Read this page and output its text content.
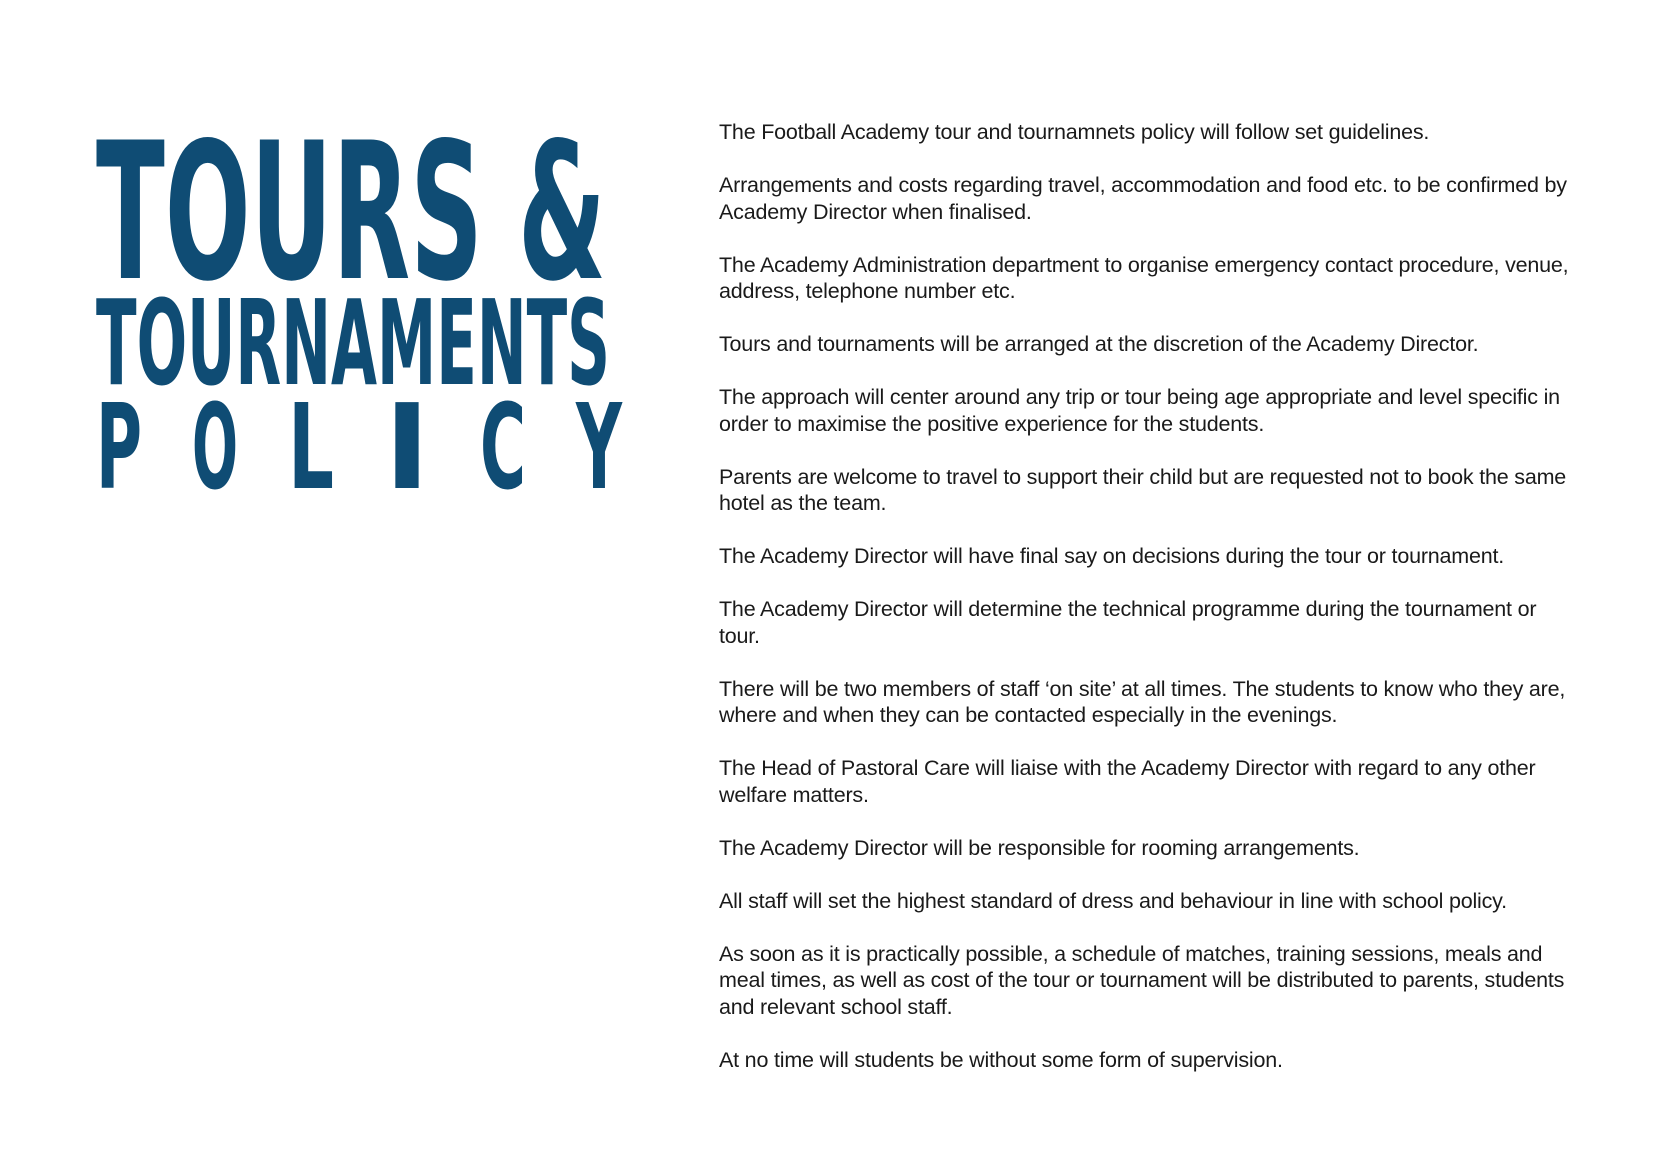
TOURS &
TOURNAMENTS
P O L I C Y

The Football Academy tour and tournamnets policy will follow set guidelines.

Arrangements and costs regarding travel, accommodation and food etc. to be confirmed by Academy Director when finalised.

The Academy Administration department to organise emergency contact procedure, venue, address, telephone number etc.

Tours and tournaments will be arranged at the discretion of the Academy Director.

The approach will center around any trip or tour being age appropriate and level specific in order to maximise the positive experience for the students.

Parents are welcome to travel to support their child but are requested not to book the same hotel as the team.

The Academy Director will have final say on decisions during the tour or tournament.

The Academy Director will determine the technical programme during the tournament or tour.

There will be two members of staff ‘on site’ at all times. The students to know who they are, where and when they can be contacted especially in the evenings.

The Head of Pastoral Care will liaise with the Academy Director with regard to any other welfare matters.

The Academy Director will be responsible for rooming arrangements.

All staff will set the highest standard of dress and behaviour in line with school policy.

As soon as it is practically possible, a schedule of matches, training sessions, meals and meal times, as well as cost of the tour or tournament will be distributed to parents, students and relevant school staff.

At no time will students be without some form of supervision.
